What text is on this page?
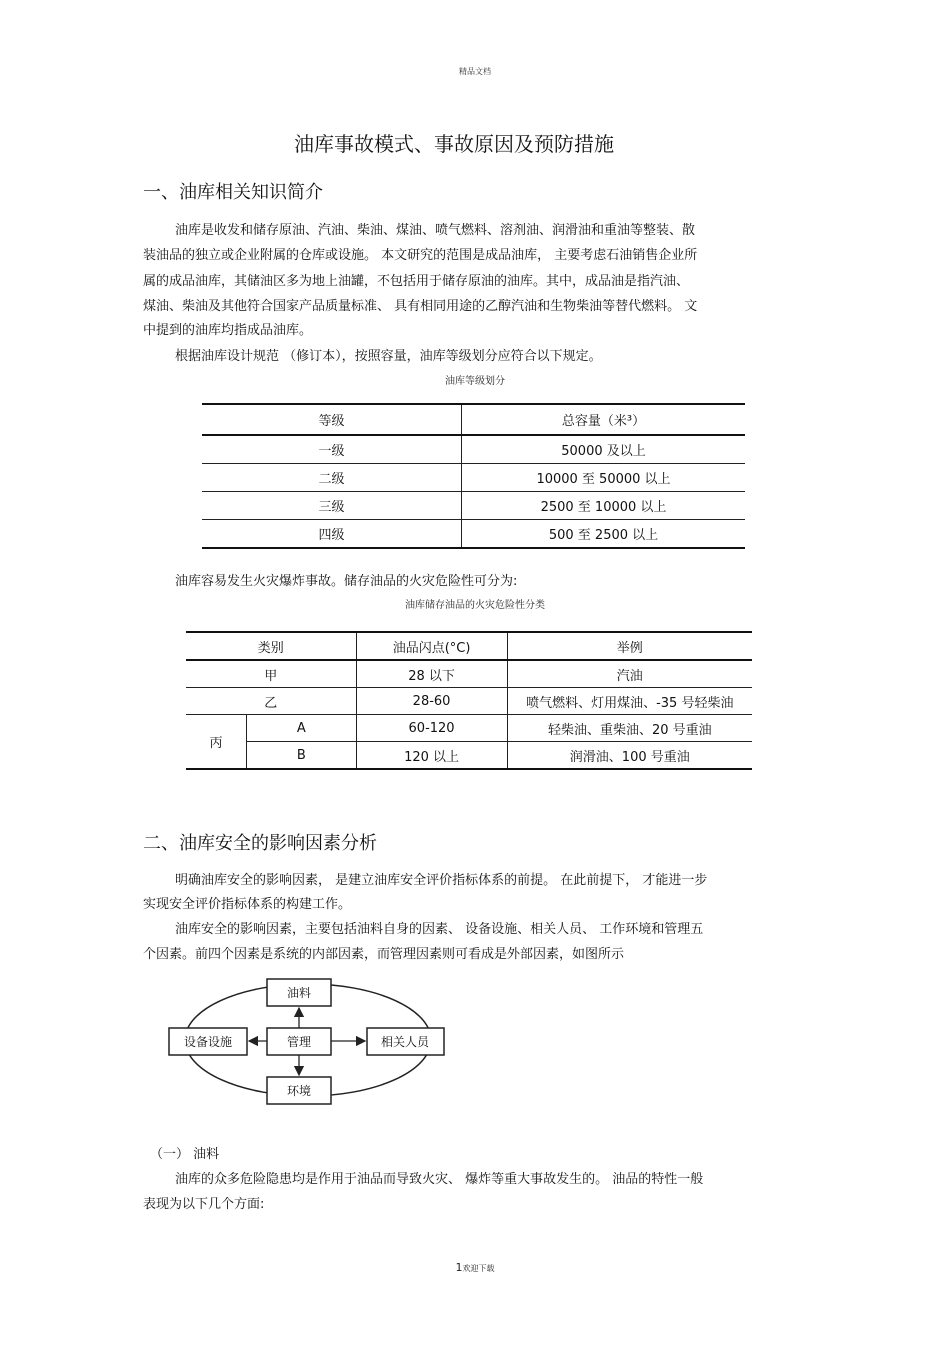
精品文档
油库事故模式、事故原因及预防措施
一、油库相关知识简介
油库是收发和储存原油、汽油、柴油、煤油、喷气燃料、溶剂油、润滑油和重油等整装、散
装油品的独立或企业附属的仓库或设施。 本文研究的范围是成品油库， 主要考虑石油销售企业所
属的成品油库，其储油区多为地上油罐，不包括用于储存原油的油库。其中，成品油是指汽油、
煤油、柴油及其他符合国家产品质量标准、 具有相同用途的乙醇汽油和生物柴油等替代燃料。 文
中提到的油库均指成品油库。
根据油库设计规范 （修订本），按照容量，油库等级划分应符合以下规定。
油库等级划分
等级	总容量（米³）
一级	50000 及以上
二级	10000 至 50000 以上
三级	2500 至 10000 以上
四级	500 至 2500 以上
油库容易发生火灾爆炸事故。储存油品的火灾危险性可分为:
油库储存油品的火灾危险性分类
类别		油品闪点(°C)	举例
甲		28 以下	汽油
乙		28-60	喷气燃料、灯用煤油、-35 号轻柴油
丙	A	60-120	轻柴油、重柴油、20 号重油
	B	120 以上	润滑油、100 号重油
二、油库安全的影响因素分析
明确油库安全的影响因素， 是建立油库安全评价指标体系的前提。 在此前提下， 才能进一步
实现安全评价指标体系的构建工作。
油库安全的影响因素，主要包括油料自身的因素、 设备设施、相关人员、 工作环境和管理五
个因素。前四个因素是系统的内部因素，而管理因素则可看成是外部因素，如图所示
油料
设备设施	管理	相关人员
环境
（一） 油料
油库的众多危险隐患均是作用于油品而导致火灾、 爆炸等重大事故发生的。 油品的特性一般
表现为以下几个方面:
1欢迎下载
